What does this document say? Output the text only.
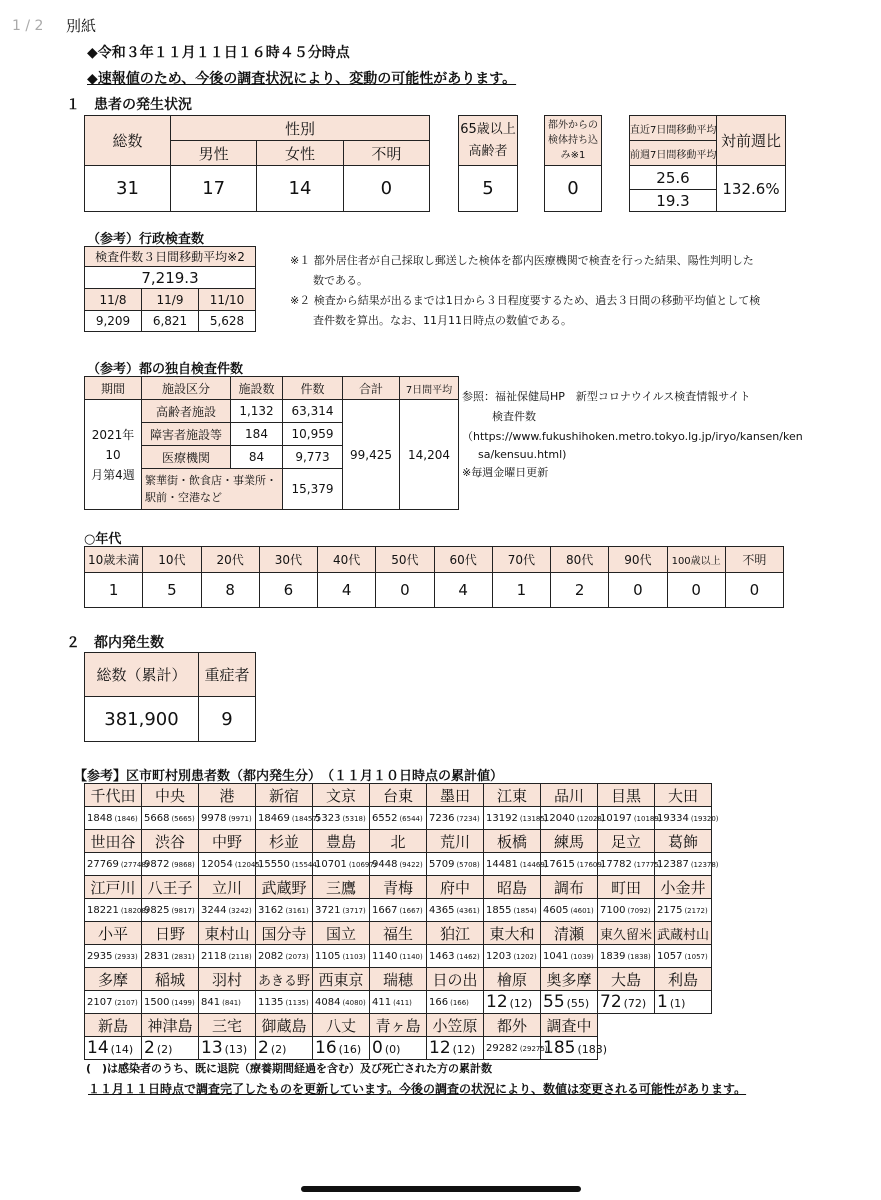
1 / 2 別紙
◆令和３年１１月１１日１６時４５分時点
◆速報値のため、今後の調査状況により、変動の可能性があります。
１　患者の発生状況
総数	性別		
	男性	女性	不明
31	17	14	0
65歳以上
高齢者
5
都外からの
検体持ち込
み※1
0
直近7日間移動平均	対前週比
前週7日間移動平均	
25.6	132.6%
19.3	
（参考）行政検査数
検査件数３日間移動平均※2		
7,219.3		
11/8	11/9	11/10
9,209	6,821	5,628
※１ 都外居住者が自己採取し郵送した検体を都内医療機関で検査を行った結果、陽性判明した
数である。
※２ 検査から結果が出るまでは1日から３日程度要するため、過去３日間の移動平均値として検
査件数を算出。なお、11月11日時点の数値である。
（参考）都の独自検査件数
期間	施設区分	施設数	件数	合計	7日間平均
2021年10
月第4週	高齢者施設	1,132	63,314	99,425	14,204
	障害者施設等	184	10,959		
	医療機関	84	9,773		
	繁華街・飲食店・事業所・
駅前・空港など		15,379		
参照：福祉保健局HP　新型コロナウイルス検査情報サイト
検査件数
（https://www.fukushihoken.metro.tokyo.lg.jp/iryo/kansen/ken
sa/kensuu.html)
※毎週金曜日更新
○年代
10歳未満	10代	20代	30代	40代	50代	60代	70代	80代	90代	100歳以上	不明
1	5	8	6	4	0	4	1	2	0	0	0
２　都内発生数
総数（累計）	重症者
381,900	9
【参考】区市町村別患者数（都内発生分）　（１１月１０日時点の累計値）
千代田	中央	港	新宿	文京	台東	墨田	江東	品川	目黒	大田
1848 (1846)	5668 (5665)	9978 (9971)	18469 (18457)	5323 (5318)	6552 (6544)	7236 (7234)	13192 (13185)	12040 (12028)	10197 (10189)	19334 (19320)
世田谷	渋谷	中野	杉並	豊島	北	荒川	板橋	練馬	足立	葛飾
27769 (27748)	9872 (9868)	12054 (12045)	15550 (15544)	10701 (10697)	9448 (9422)	5709 (5708)	14481 (14469)	17615 (17609)	17782 (17775)	12387 (12378)
江戸川	八王子	立川	武蔵野	三鷹	青梅	府中	昭島	調布	町田	小金井
18221 (18208)	9825 (9817)	3244 (3242)	3162 (3161)	3721 (3717)	1667 (1667)	4365 (4361)	1855 (1854)	4605 (4601)	7100 (7092)	2175 (2172)
小平	日野	東村山	国分寺	国立	福生	狛江	東大和	清瀬	東久留米	武蔵村山
2935 (2933)	2831 (2831)	2118 (2118)	2082 (2073)	1105 (1103)	1140 (1140)	1463 (1462)	1203 (1202)	1041 (1039)	1839 (1838)	1057 (1057)
多摩	稲城	羽村	あきる野	西東京	瑞穂	日の出	檜原	奥多摩	大島	利島
2107 (2107)	1500 (1499)	841 (841)	1135 (1135)	4084 (4080)	411 (411)	166 (166)	12 (12)	55 (55)	72 (72)	1 (1)
新島	神津島	三宅	御蔵島	八丈	青ヶ島	小笠原	都外	調査中		
14 (14)	2 (2)	13 (13)	2 (2)	16 (16)	0 (0)	12 (12)	29282 (29275)	185 (183)		
(　)は感染者のうち、既に退院（療養期間経過を含む）及び死亡された方の累計数
１１月１１日時点で調査完了したものを更新しています。今後の調査の状況により、数値は変更される可能性があります。
